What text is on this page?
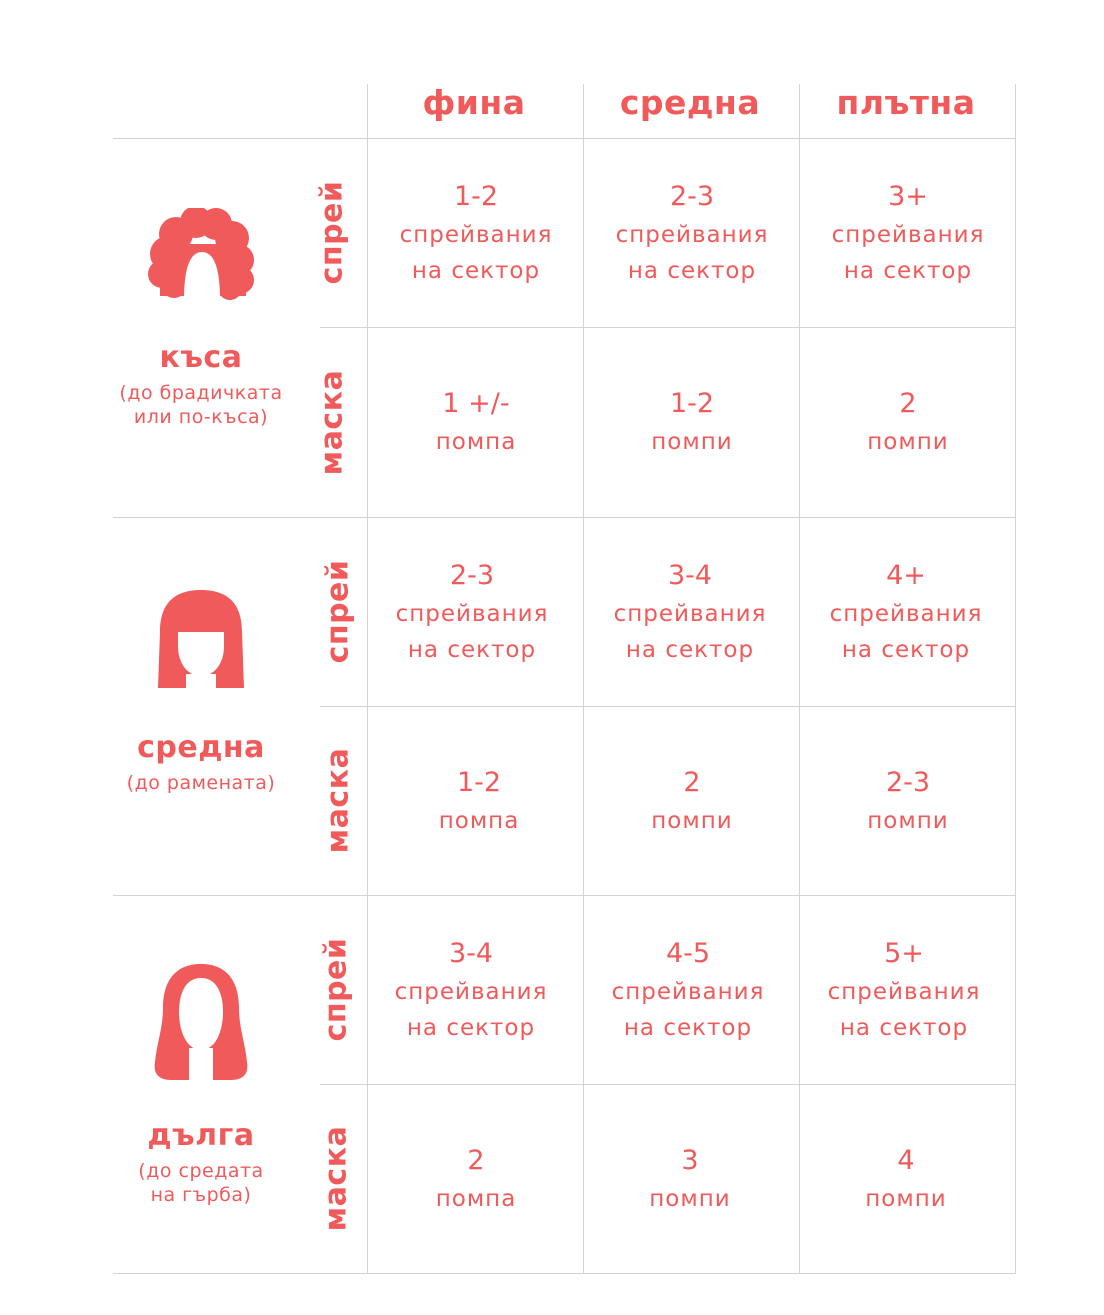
фина	средна	плътна
къса
(до брадичката
или по-къса)
спрей
маска
1-2
спрейвания
на сектор
2-3
спрейвания
на сектор
3+
спрейвания
на сектор
1 +/-
помпа
1-2
помпи
2
помпи
средна
(до рамената)
спрей
маска
2-3
спрейвания
на сектор
3-4
спрейвания
на сектор
4+
спрейвания
на сектор
1-2
помпа
2
помпи
2-3
помпи
дълга
(до средата
на гърба)
спрей
маска
3-4
спрейвания
на сектор
4-5
спрейвания
на сектор
5+
спрейвания
на сектор
2
помпа
3
помпи
4
помпи
